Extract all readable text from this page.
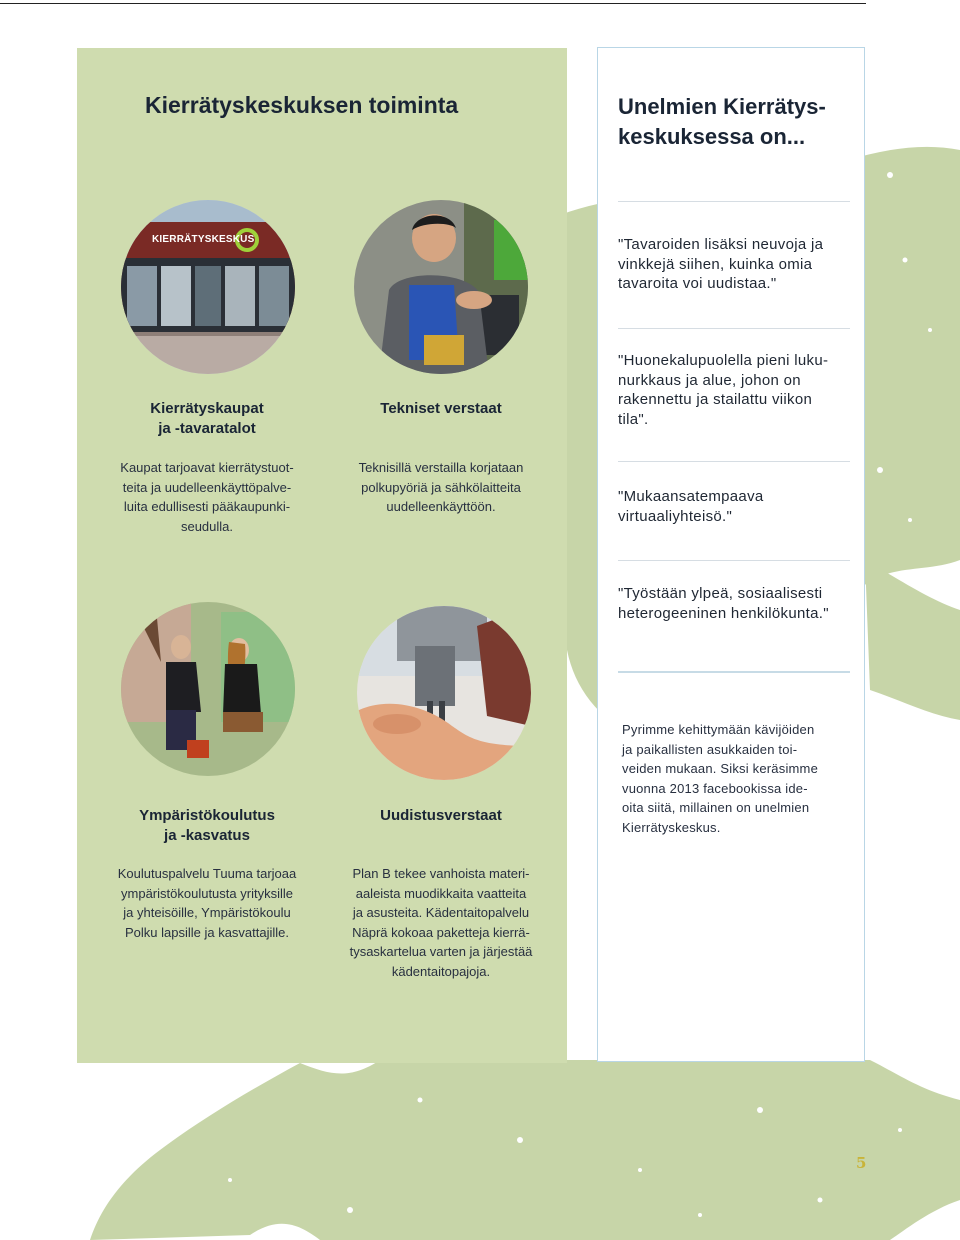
Kierrätyskeskuksen toiminta
KIERRÄTYSKESKUS
Kierrätyskaupat
ja -tavaratalot
Tekniset verstaat
Kaupat tarjoavat kierrätystuot-
teita ja uudelleenkäyttöpalve-
luita edullisesti pääkaupunki-
seudulla.
Teknisillä verstailla korjataan
polkupyöriä ja sähkölaitteita
uudelleenkäyttöön.
Ympäristökoulutus
ja -kasvatus
Uudistusverstaat
Koulutuspalvelu Tuuma tarjoaa
ympäristökoulutusta yrityksille
ja yhteisöille, Ympäristökoulu
Polku lapsille ja kasvattajille.
Plan B tekee vanhoista materi-
aaleista muodikkaita vaatteita
ja asusteita. Kädentaitopalvelu
Näprä kokoaa paketteja kierrä-
tysaskartelua varten ja järjestää
kädentaitopajoja.
Unelmien Kierrätys-
keskuksessa on...
"Tavaroiden lisäksi neuvoja ja
vinkkejä siihen, kuinka omia
tavaroita voi uudistaa."
"Huonekalupuolella pieni luku-
nurkkaus ja alue, johon on
rakennettu ja stailattu viikon
tila".
"Mukaansatempaava
virtuaaliyhteisö."
"Työstään ylpeä, sosiaalisesti
heterogeeninen henkilökunta."
Pyrimme kehittymään kävijöiden
ja paikallisten asukkaiden toi-
veiden mukaan. Siksi keräsimme
vuonna 2013 facebookissa ide-
oita siitä, millainen on unelmien
Kierrätyskeskus.
5
